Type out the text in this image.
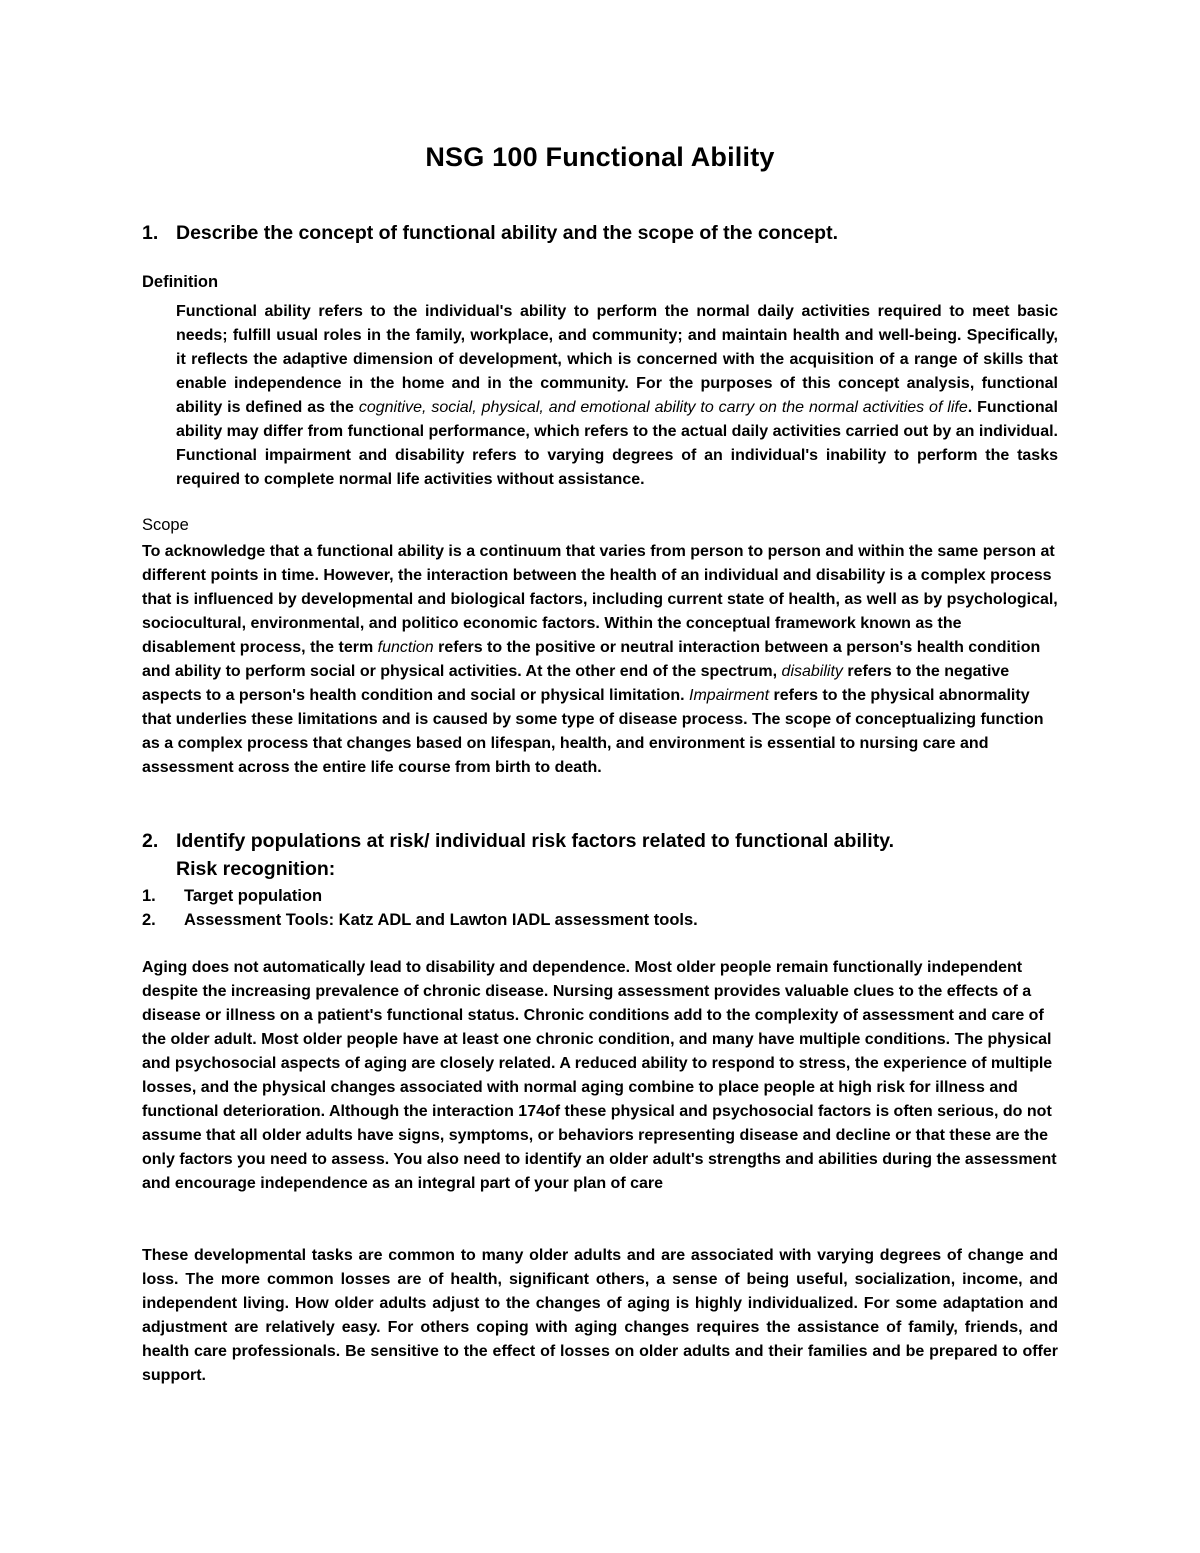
NSG 100 Functional Ability
1. Describe the concept of functional ability and the scope of the concept.
Definition
Functional ability refers to the individual's ability to perform the normal daily activities required to meet basic needs; fulfill usual roles in the family, workplace, and community; and maintain health and well-being. Specifically, it reflects the adaptive dimension of development, which is concerned with the acquisition of a range of skills that enable independence in the home and in the community. For the purposes of this concept analysis, functional ability is defined as the cognitive, social, physical, and emotional ability to carry on the normal activities of life. Functional ability may differ from functional performance, which refers to the actual daily activities carried out by an individual. Functional impairment and disability refers to varying degrees of an individual's inability to perform the tasks required to complete normal life activities without assistance.
Scope
To acknowledge that a functional ability is a continuum that varies from person to person and within the same person at different points in time. However, the interaction between the health of an individual and disability is a complex process that is influenced by developmental and biological factors, including current state of health, as well as by psychological, sociocultural, environmental, and politico economic factors. Within the conceptual framework known as the disablement process, the term function refers to the positive or neutral interaction between a person's health condition and ability to perform social or physical activities. At the other end of the spectrum, disability refers to the negative aspects to a person's health condition and social or physical limitation. Impairment refers to the physical abnormality that underlies these limitations and is caused by some type of disease process. The scope of conceptualizing function as a complex process that changes based on lifespan, health, and environment is essential to nursing care and assessment across the entire life course from birth to death.
2. Identify populations at risk/ individual risk factors related to functional ability.
Risk recognition:
1. Target population
2. Assessment Tools: Katz ADL and Lawton IADL assessment tools.
Aging does not automatically lead to disability and dependence. Most older people remain functionally independent despite the increasing prevalence of chronic disease. Nursing assessment provides valuable clues to the effects of a disease or illness on a patient's functional status. Chronic conditions add to the complexity of assessment and care of the older adult. Most older people have at least one chronic condition, and many have multiple conditions. The physical and psychosocial aspects of aging are closely related. A reduced ability to respond to stress, the experience of multiple losses, and the physical changes associated with normal aging combine to place people at high risk for illness and functional deterioration. Although the interaction 174of these physical and psychosocial factors is often serious, do not assume that all older adults have signs, symptoms, or behaviors representing disease and decline or that these are the only factors you need to assess. You also need to identify an older adult's strengths and abilities during the assessment and encourage independence as an integral part of your plan of care
These developmental tasks are common to many older adults and are associated with varying degrees of change and loss. The more common losses are of health, significant others, a sense of being useful, socialization, income, and independent living. How older adults adjust to the changes of aging is highly individualized. For some adaptation and adjustment are relatively easy. For others coping with aging changes requires the assistance of family, friends, and health care professionals. Be sensitive to the effect of losses on older adults and their families and be prepared to offer support.
